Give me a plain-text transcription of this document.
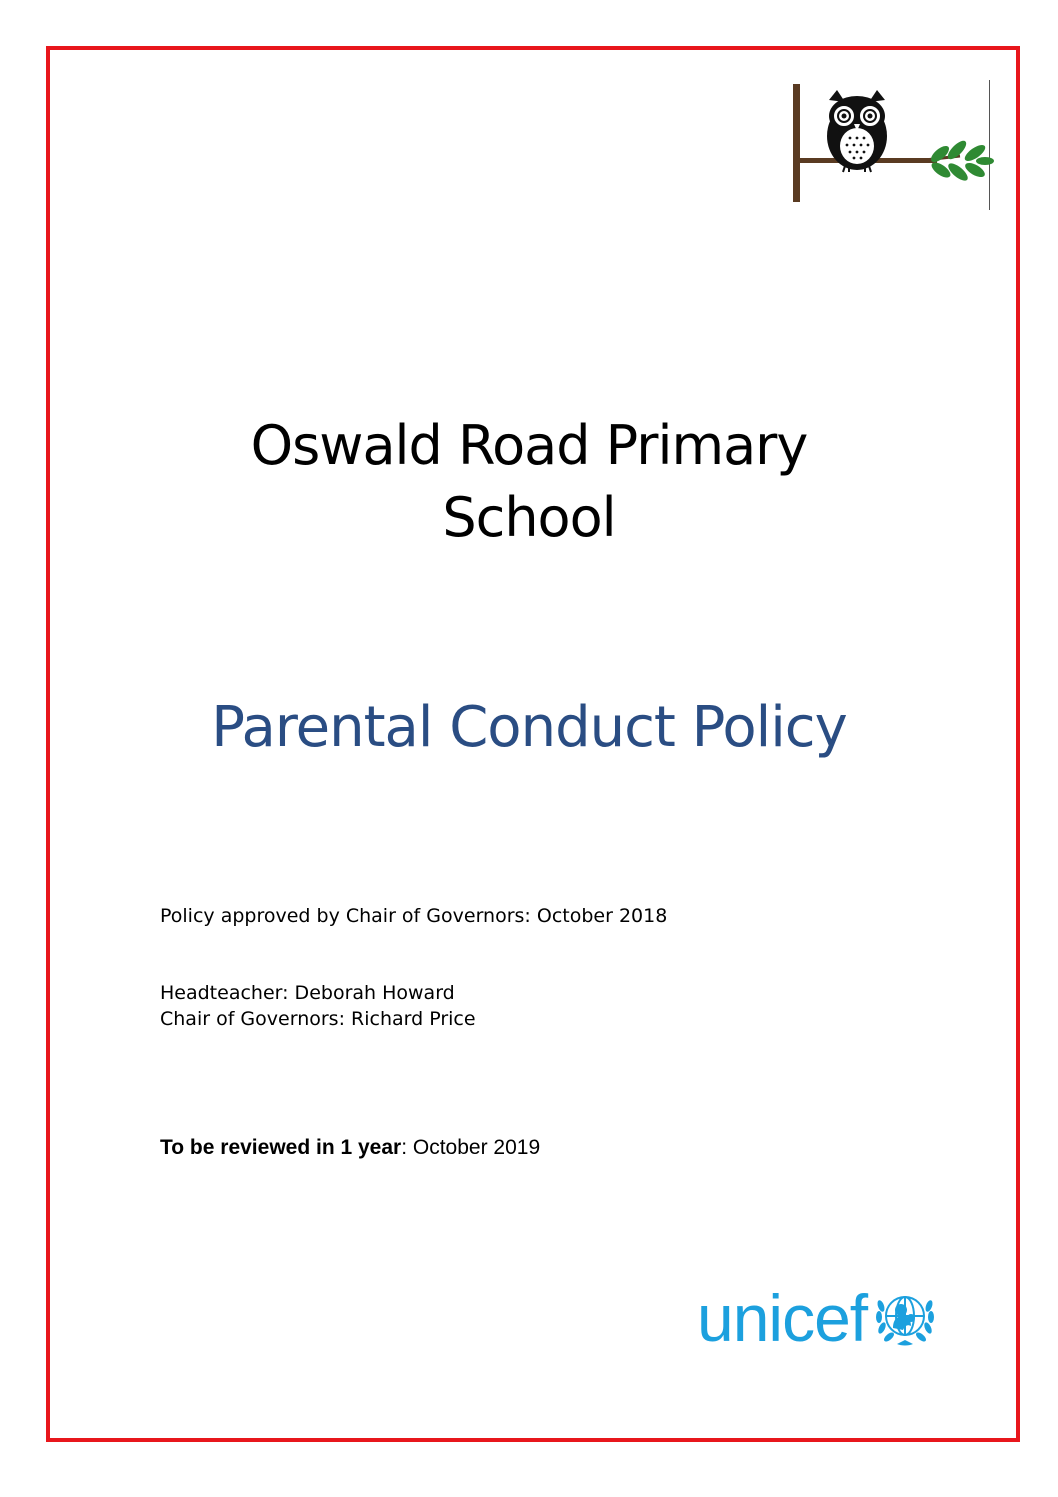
Oswald Road Primary
School
Parental Conduct Policy

Policy approved by Chair of Governors: October 2018

Headteacher: Deborah Howard

Chair of Governors: Richard Price

To be reviewed in 1 year: October 2019

unicef
